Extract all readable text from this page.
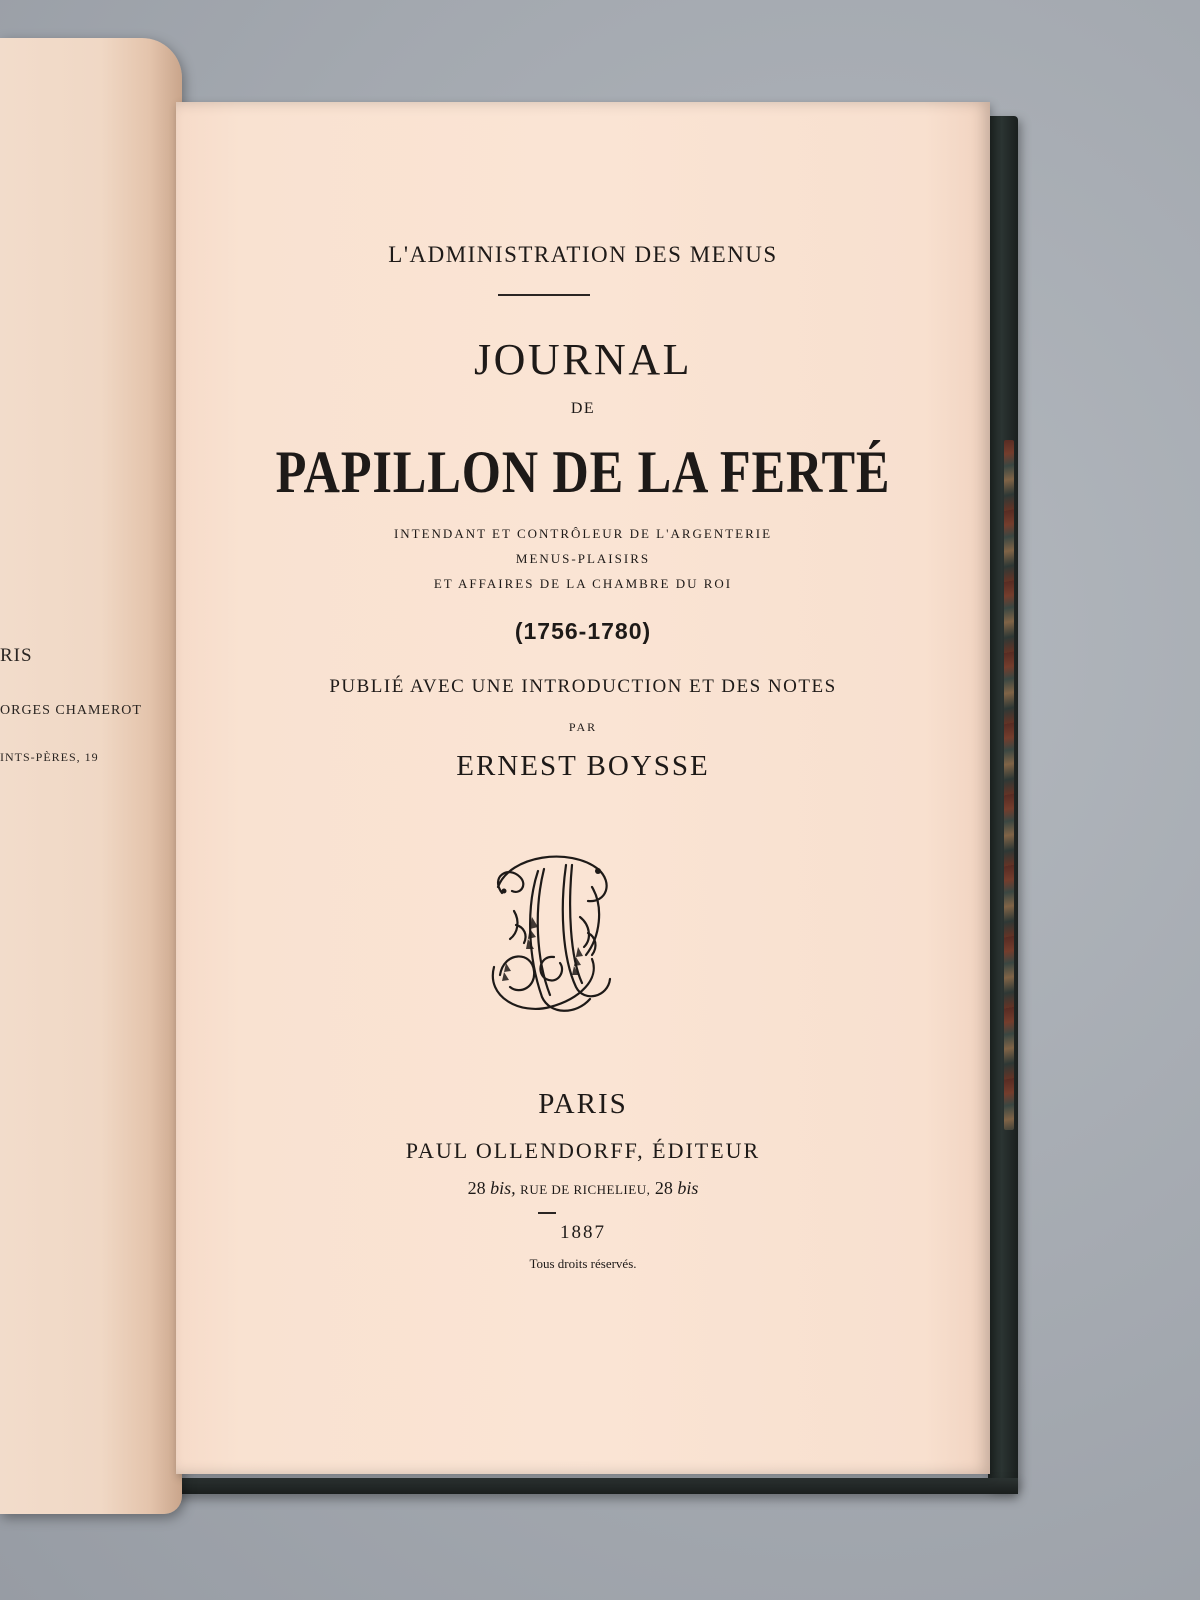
RIS
ORGES CHAMEROT
INTS-PÈRES, 19
L'ADMINISTRATION DES MENUS
JOURNAL
DE
PAPILLON DE LA FERTÉ
INTENDANT ET CONTRÔLEUR DE L'ARGENTERIE
MENUS-PLAISIRS
ET AFFAIRES DE LA CHAMBRE DU ROI
(1756-1780)
PUBLIÉ AVEC UNE INTRODUCTION ET DES NOTES
PAR
ERNEST BOYSSE
PARIS
PAUL OLLENDORFF, ÉDITEUR
28 bis, RUE DE RICHELIEU, 28 bis
1887
Tous droits réservés.
